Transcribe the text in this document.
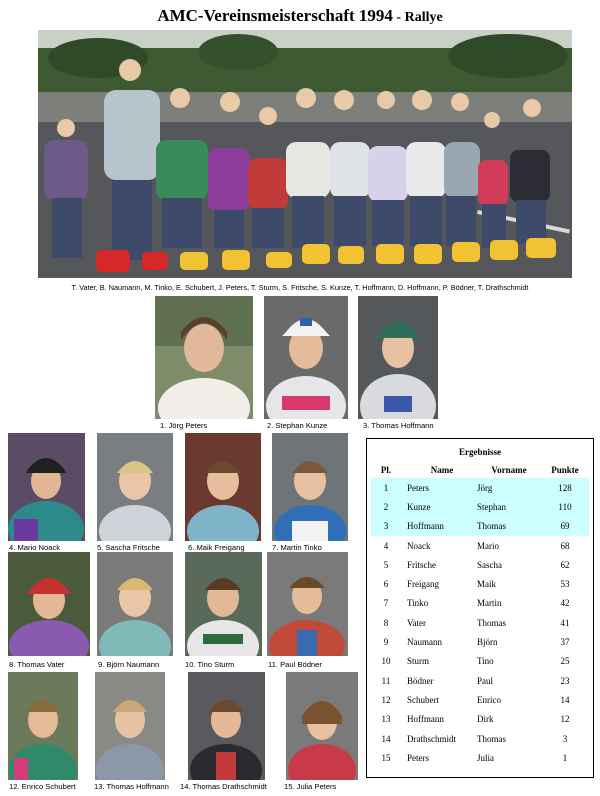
AMC-Vereinsmeisterschaft 1994 - Rallye
T. Vater, B. Naumann, M. Tinko, E. Schubert, J. Peters, T. Sturm, S. Fritsche, S. Kunze, T. Hoffmann, D. Hoffmann, P. Bödner, T. Drathschmidt
1. Jörg Peters	2. Stephan Kunze	3. Thomas Hoffmann
4. Mario Noack	5. Sascha Fritsche	6. Maik Freigang	7. Martin Tinko
8. Thomas Vater	9. Björn Naumann	10. Tino Sturm	11. Paul Bödner
12. Enrico Schubert 13. Thomas Hoffmann 14. Thomas Drathschmidt 15. Julia Peters
Ergebnisse
Pl.	Name	Vorname	Punkte
1	Peters	Jörg	128
2	Kunze	Stephan	110
3	Hoffmann	Thomas	69
4	Noack	Mario	68
5	Fritsche	Sascha	62
6	Freigang	Maik	53
7	Tinko	Martin	42
8	Vater	Thomas	41
9	Naumann	Björn	37
10	Sturm	Tino	25
11	Bödner	Paul	23
12	Schubert	Enrico	14
13	Hoffmann	Dirk	12
14	Drathschmidt	Thomas	3
15	Peters	Julia	1
